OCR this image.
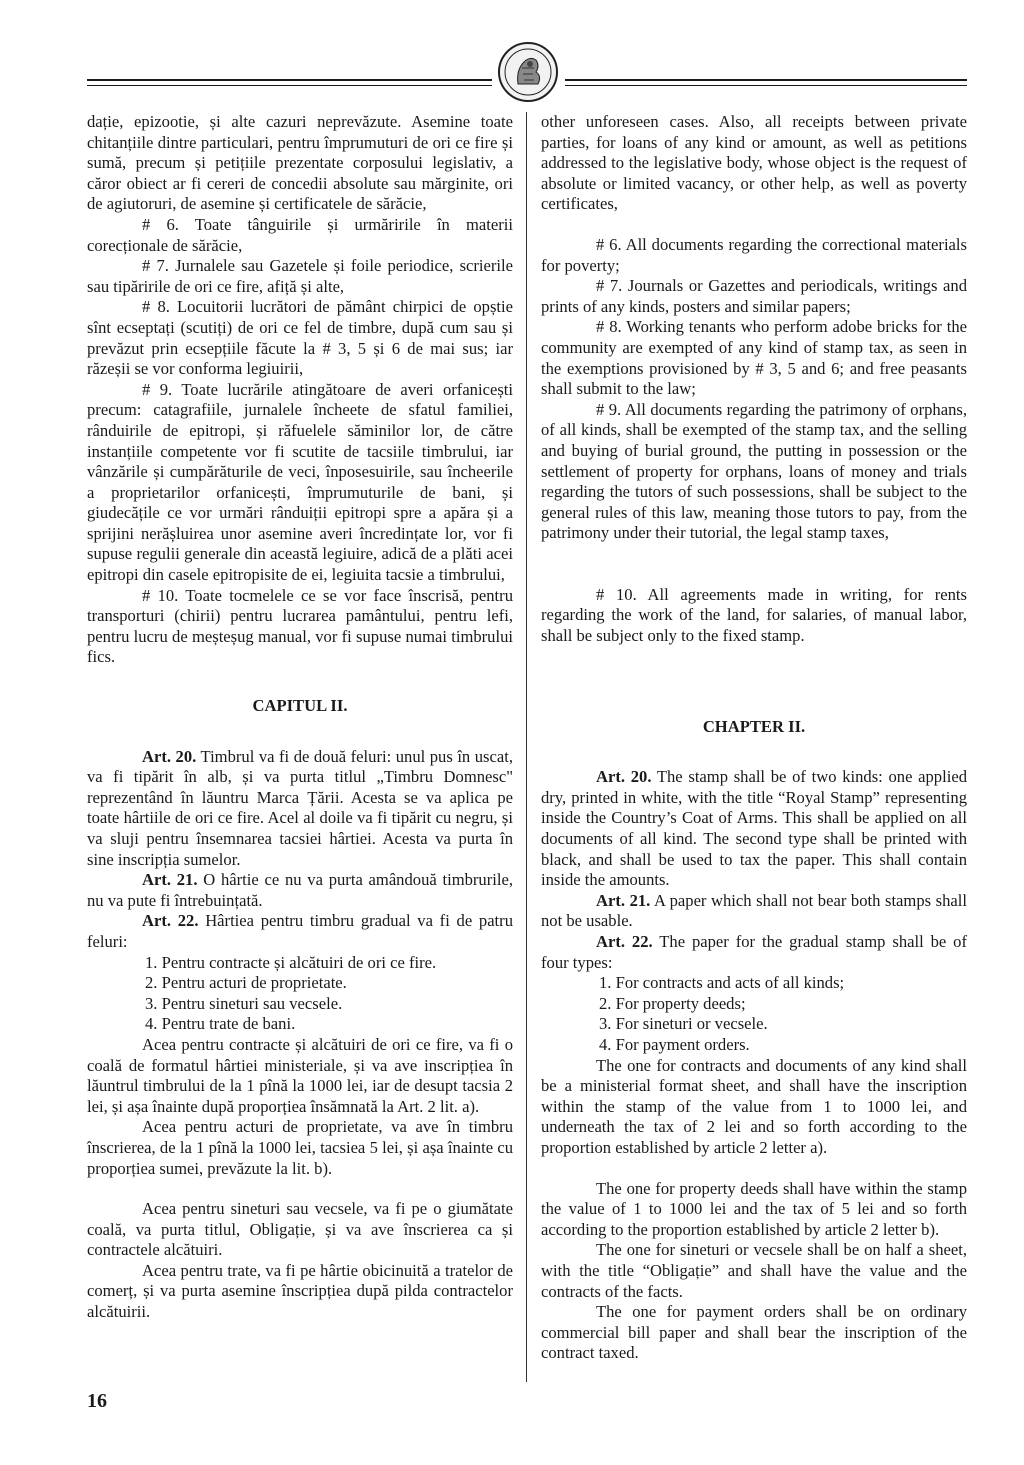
dație, epizootie, și alte cazuri neprevăzute. Asemine toate chitanțiile dintre particulari, pentru împrumuturi de ori ce fire și sumă, precum și petițiile prezentate corposului legislativ, a căror obiect ar fi cereri de concedii absolute sau mărginite, ori de agiutoruri, de asemine și certificatele de sărăcie,

# 6. Toate tânguirile și urmăririle în materii corecționale de sărăcie,

# 7. Jurnalele sau Gazetele și foile periodice, scrierile sau tipăririle de ori ce fire, afiță și alte,

# 8. Locuitorii lucrători de pământ chirpici de opștie sînt ecseptați (scutiți) de ori ce fel de timbre, după cum sau și prevăzut prin ecsepțiile făcute la # 3, 5 și 6 de mai sus; iar răzeșii se vor conforma legiuirii,

# 9. Toate lucrările atingătoare de averi orfanicești precum: catagrafiile, jurnalele încheete de sfatul familiei, rânduirile de epitropi, și răfuelele săminilor lor, de către instanțiile competente vor fi scutite de tacsiile timbrului, iar vânzările și cumpărăturile de veci, înposesuirile, sau încheerile a proprietarilor orfanicești, împrumuturile de bani, și giudecățile ce vor urmări rânduiții epitropi spre a apăra și a sprijini nerășluirea unor asemine averi încredințate lor, vor fi supuse regulii generale din această legiuire, adică de a plăti acei epitropi din casele epitropisite de ei, legiuita tacsie a timbrului,

# 10. Toate tocmelele ce se vor face înscrisă, pentru transporturi (chirii) pentru lucrarea pamântului, pentru lefi, pentru lucru de meșteșug manual, vor fi supuse numai timbrului fics.

CAPITUL II.

Art. 20. Timbrul va fi de două feluri: unul pus în uscat, va fi tipărit în alb, și va purta titlul „Timbru Domnesc" reprezentând în lăuntru Marca Țării. Acesta se va aplica pe toate hârtiile de ori ce fire. Acel al doile va fi tipărit cu negru, și va sluji pentru însemnarea tacsiei hârtiei. Acesta va purta în sine inscripția sumelor.

Art. 21. O hârtie ce nu va purta amândouă timbrurile, nu va pute fi întrebuințată.

Art. 22. Hârtiea pentru timbru gradual va fi de patru feluri:

1. Pentru contracte și alcătuiri de ori ce fire.

2. Pentru acturi de proprietate.

3. Pentru sineturi sau vecsele.

4. Pentru trate de bani.

Acea pentru contracte și alcătuiri de ori ce fire, va fi o coală de formatul hârtiei ministeriale, și va ave inscripțiea în lăuntrul timbrului de la 1 pînă la 1000 lei, iar de desupt tacsia 2 lei, și așa înainte după proporțiea însămnată la Art. 2 lit. a).

Acea pentru acturi de proprietate, va ave în timbru înscrierea, de la 1 pînă la 1000 lei, tacsiea 5 lei, și așa înainte cu proporțiea sumei, prevăzute la lit. b).

Acea pentru sineturi sau vecsele, va fi pe o giumătate coală, va purta titlul, Obligație, și va ave înscrierea ca și contractele alcătuiri.

Acea pentru trate, va fi pe hârtie obicinuită a tratelor de comerț, și va purta asemine înscripțiea după pilda contractelor alcătuirii.

other unforeseen cases. Also, all receipts between private parties, for loans of any kind or amount, as well as petitions addressed to the legislative body, whose object is the request of absolute or limited vacancy, or other help, as well as poverty certificates,

# 6. All documents regarding the correctional materials for poverty;

# 7. Journals or Gazettes and periodicals, writings and prints of any kinds, posters and similar papers;

# 8. Working tenants who perform adobe bricks for the community are exempted of any kind of stamp tax, as seen in the exemptions provisioned by # 3, 5 and 6; and free peasants shall submit to the law;

# 9. All documents regarding the patrimony of orphans, of all kinds, shall be exempted of the stamp tax, and the selling and buying of burial ground, the putting in possession or the settlement of property for orphans, loans of money and trials regarding the tutors of such possessions, shall be subject to the general rules of this law, meaning those tutors to pay, from the patrimony under their tutorial, the legal stamp taxes,

# 10. All agreements made in writing, for rents regarding the work of the land, for salaries, of manual labor, shall be subject only to the fixed stamp.

CHAPTER II.

Art. 20. The stamp shall be of two kinds: one applied dry, printed in white, with the title “Royal Stamp” representing inside the Country’s Coat of Arms. This shall be applied on all documents of all kind. The second type shall be printed with black, and shall be used to tax the paper. This shall contain inside the amounts.

Art. 21. A paper which shall not bear both stamps shall not be usable.

Art. 22. The paper for the gradual stamp shall be of four types:

1. For contracts and acts of all kinds;

2. For property deeds;

3. For sineturi or vecsele.

4. For payment orders.

The one for contracts and documents of any kind shall be a ministerial format sheet, and shall have the inscription within the stamp of the value from 1 to 1000 lei, and underneath the tax of 2 lei and so forth according to the proportion established by article 2 letter a).

The one for property deeds shall have within the stamp the value of 1 to 1000 lei and the tax of 5 lei and so forth according to the proportion established by article 2 letter b).

The one for sineturi or vecsele shall be on half a sheet, with the title “Obligație” and shall have the value and the contracts of the facts.

The one for payment orders shall be on ordinary commercial bill paper and shall bear the inscription of the contract taxed.

16
